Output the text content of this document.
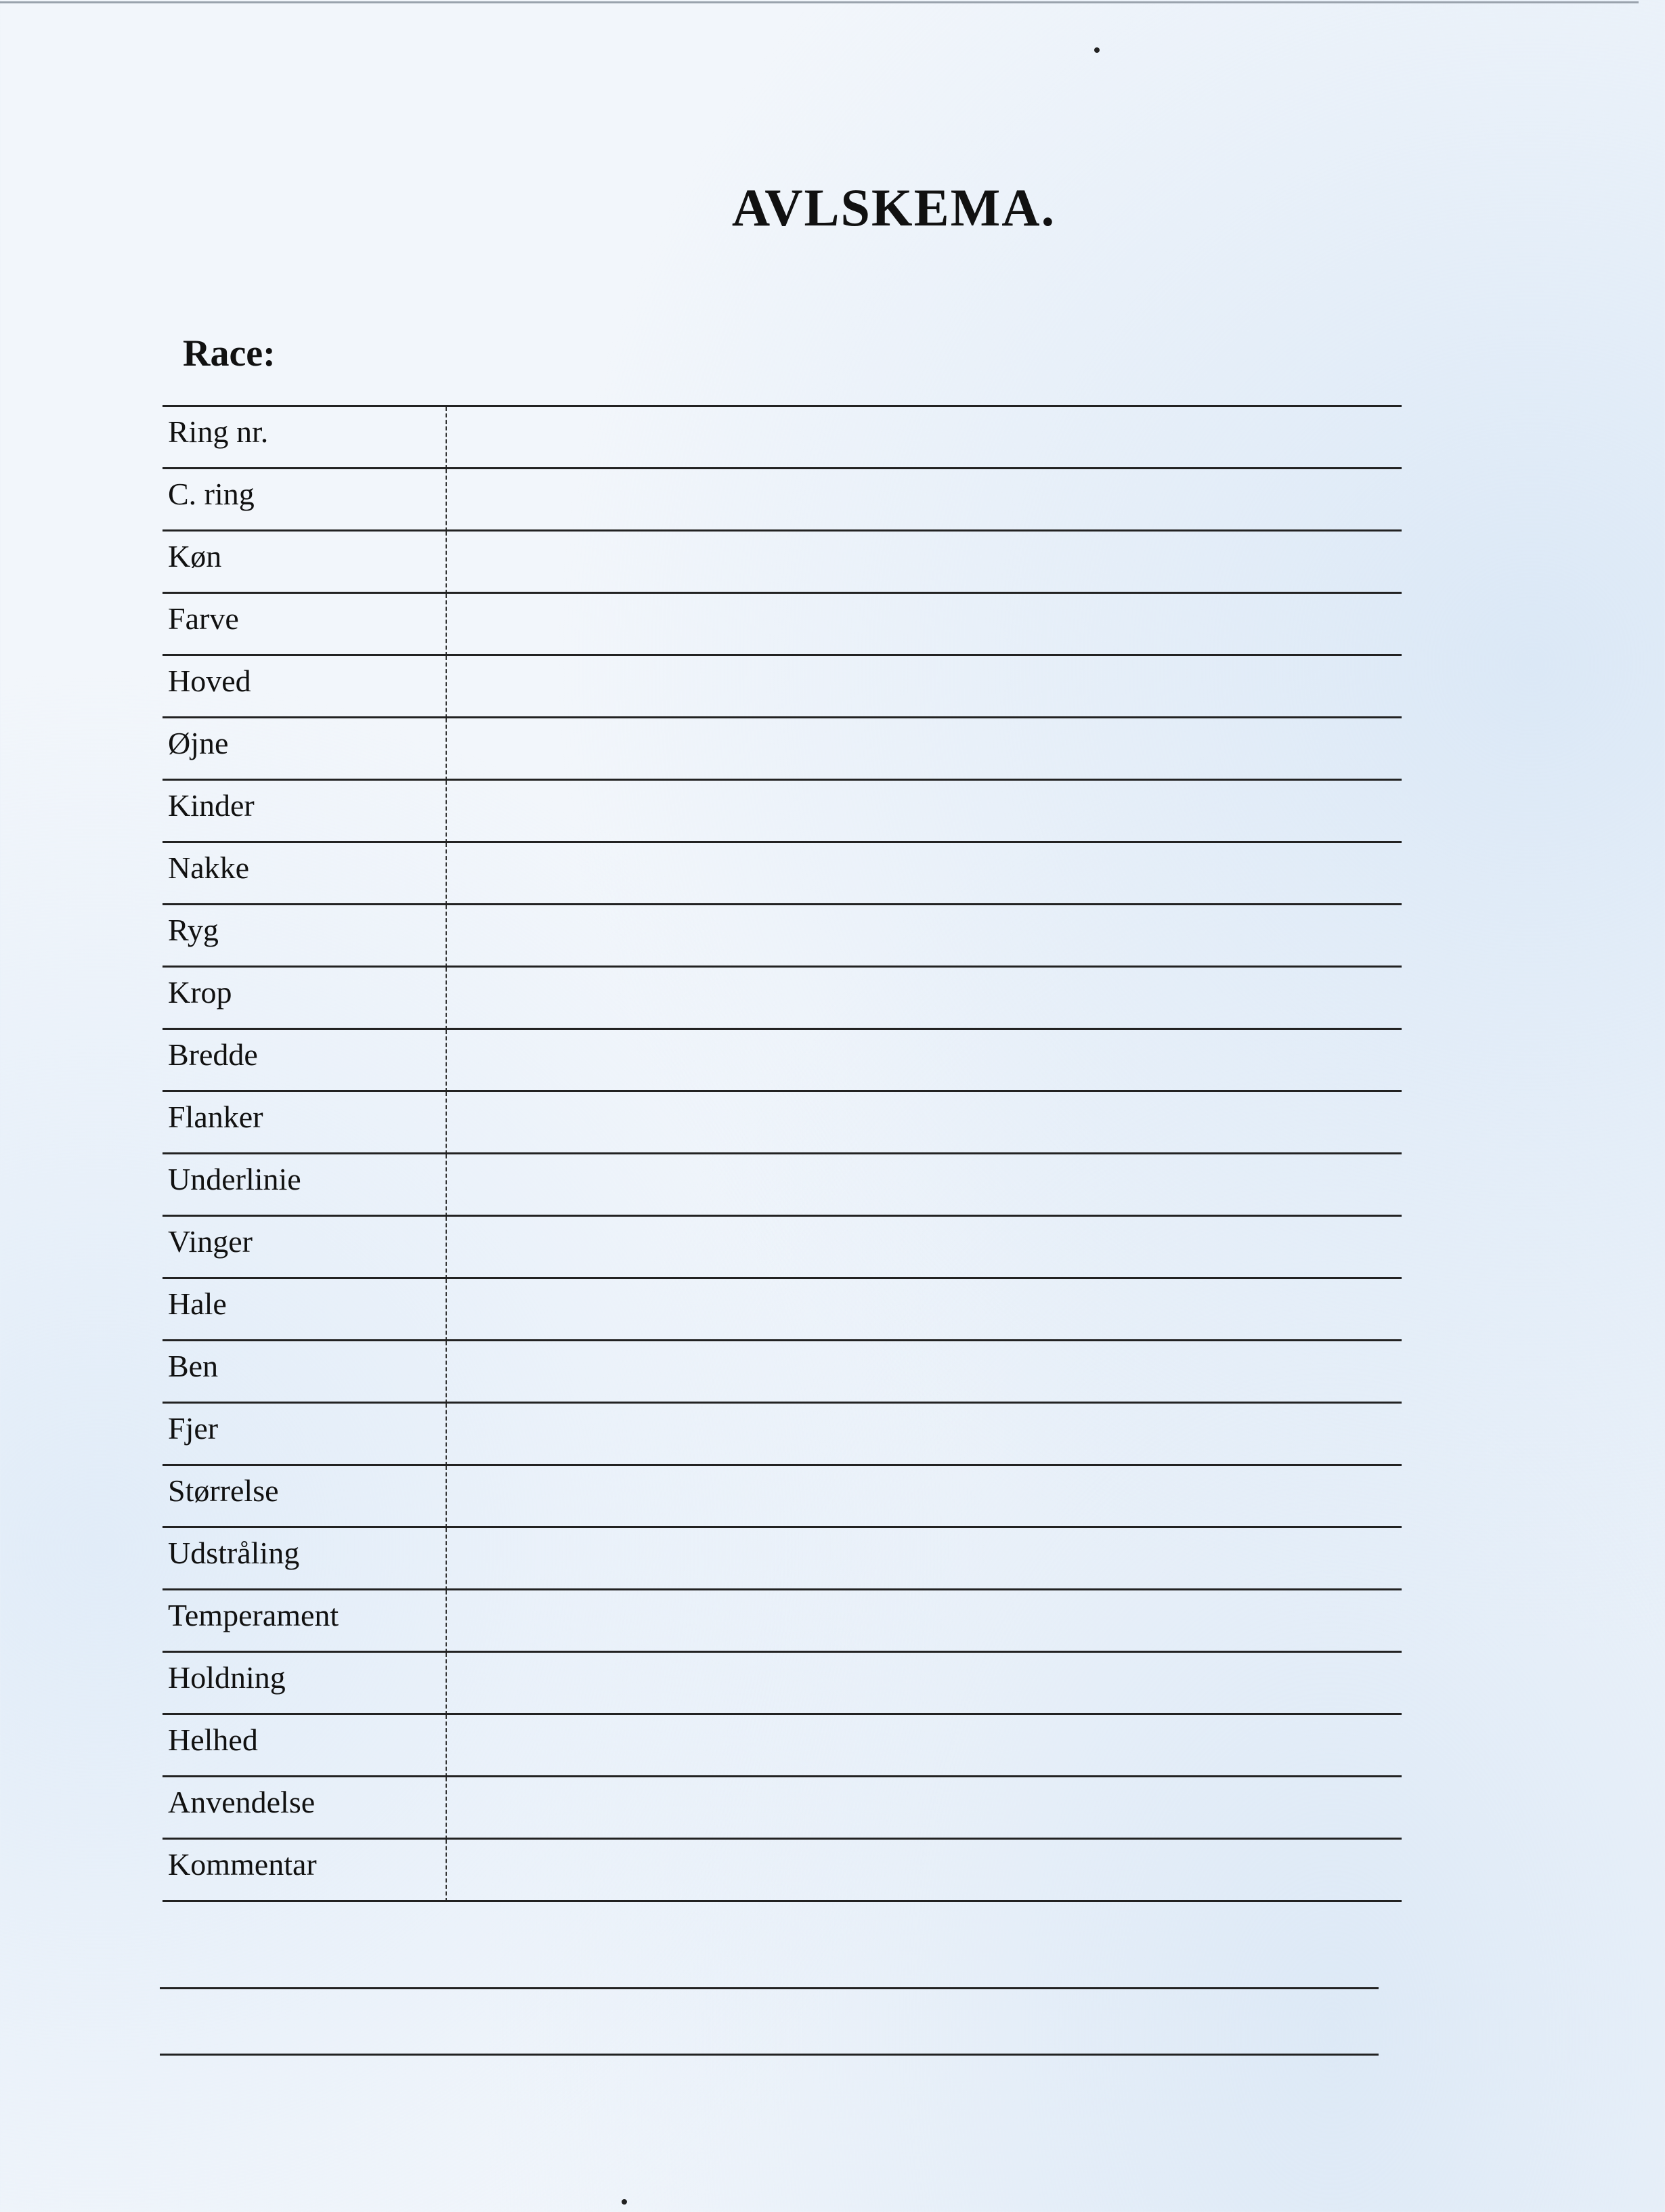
AVLSKEMA.
Race:
Ring nr.
C. ring
Køn
Farve
Hoved
Øjne
Kinder
Nakke
Ryg
Krop
Bredde
Flanker
Underlinie
Vinger
Hale
Ben
Fjer
Størrelse
Udstråling
Temperament
Holdning
Helhed
Anvendelse
Kommentar
